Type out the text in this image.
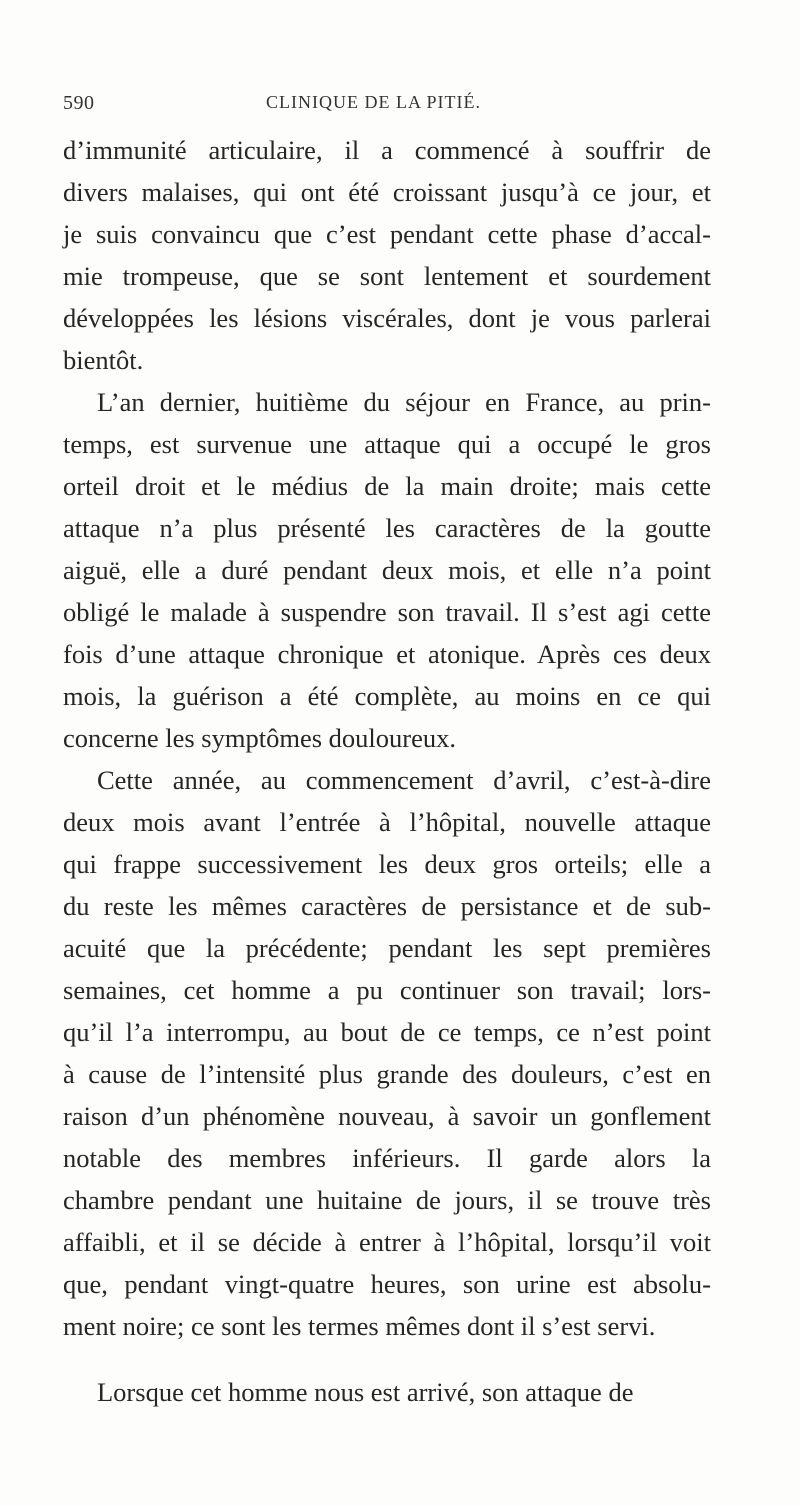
590	CLINIQUE DE LA PITIÉ.
d’immunité articulaire, il a commencé à souffrir de
divers malaises, qui ont été croissant jusqu’à ce jour, et
je suis convaincu que c’est pendant cette phase d’accal-
mie trompeuse, que se sont lentement et sourdement
développées les lésions viscérales, dont je vous parlerai
bientôt.
L’an dernier, huitième du séjour en France, au prin-
temps, est survenue une attaque qui a occupé le gros
orteil droit et le médius de la main droite; mais cette
attaque n’a plus présenté les caractères de la goutte
aiguë, elle a duré pendant deux mois, et elle n’a point
obligé le malade à suspendre son travail. Il s’est agi cette
fois d’une attaque chronique et atonique. Après ces deux
mois, la guérison a été complète, au moins en ce qui
concerne les symptômes douloureux.
Cette année, au commencement d’avril, c’est-à-dire
deux mois avant l’entrée à l’hôpital, nouvelle attaque
qui frappe successivement les deux gros orteils; elle a
du reste les mêmes caractères de persistance et de sub-
acuité que la précédente; pendant les sept premières
semaines, cet homme a pu continuer son travail; lors-
qu’il l’a interrompu, au bout de ce temps, ce n’est point
à cause de l’intensité plus grande des douleurs, c’est en
raison d’un phénomène nouveau, à savoir un gonflement
notable des membres inférieurs. Il garde alors la
chambre pendant une huitaine de jours, il se trouve très
affaibli, et il se décide à entrer à l’hôpital, lorsqu’il voit
que, pendant vingt-quatre heures, son urine est absolu-
ment noire; ce sont les termes mêmes dont il s’est servi.
Lorsque cet homme nous est arrivé, son attaque de
